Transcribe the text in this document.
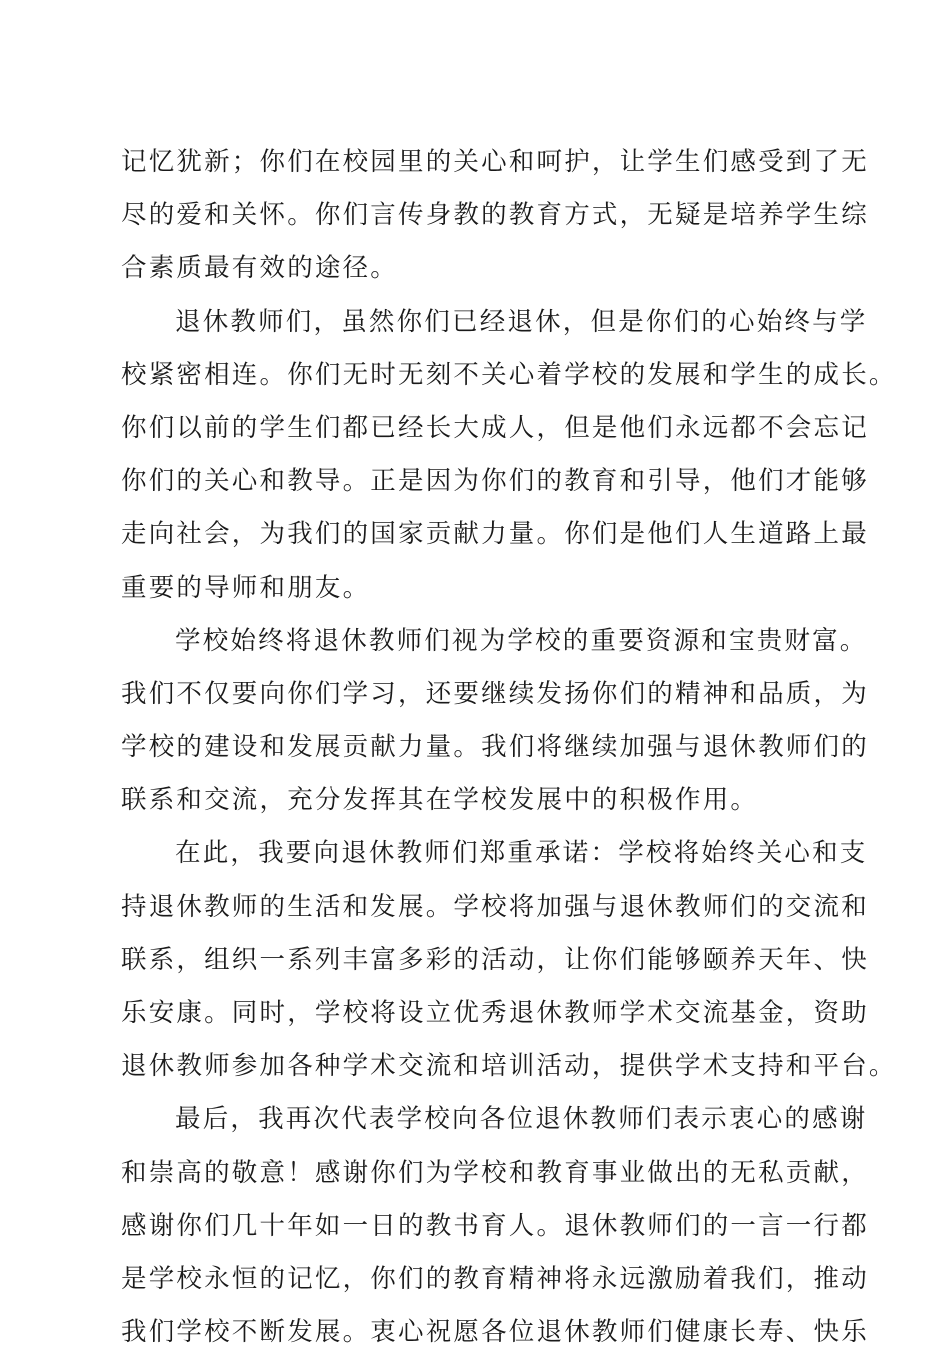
记忆犹新；你们在校园里的关心和呵护，让学生们感受到了无
尽的爱和关怀。你们言传身教的教育方式，无疑是培养学生综
合素质最有效的途径。
退休教师们，虽然你们已经退休，但是你们的心始终与学
校紧密相连。你们无时无刻不关心着学校的发展和学生的成长。
你们以前的学生们都已经长大成人，但是他们永远都不会忘记
你们的关心和教导。正是因为你们的教育和引导，他们才能够
走向社会，为我们的国家贡献力量。你们是他们人生道路上最
重要的导师和朋友。
学校始终将退休教师们视为学校的重要资源和宝贵财富。
我们不仅要向你们学习，还要继续发扬你们的精神和品质，为
学校的建设和发展贡献力量。我们将继续加强与退休教师们的
联系和交流，充分发挥其在学校发展中的积极作用。
在此，我要向退休教师们郑重承诺：学校将始终关心和支
持退休教师的生活和发展。学校将加强与退休教师们的交流和
联系，组织一系列丰富多彩的活动，让你们能够颐养天年、快
乐安康。同时，学校将设立优秀退休教师学术交流基金，资助
退休教师参加各种学术交流和培训活动，提供学术支持和平台。
最后，我再次代表学校向各位退休教师们表示衷心的感谢
和崇高的敬意！感谢你们为学校和教育事业做出的无私贡献，
感谢你们几十年如一日的教书育人。退休教师们的一言一行都
是学校永恒的记忆，你们的教育精神将永远激励着我们，推动
我们学校不断发展。衷心祝愿各位退休教师们健康长寿、快乐
